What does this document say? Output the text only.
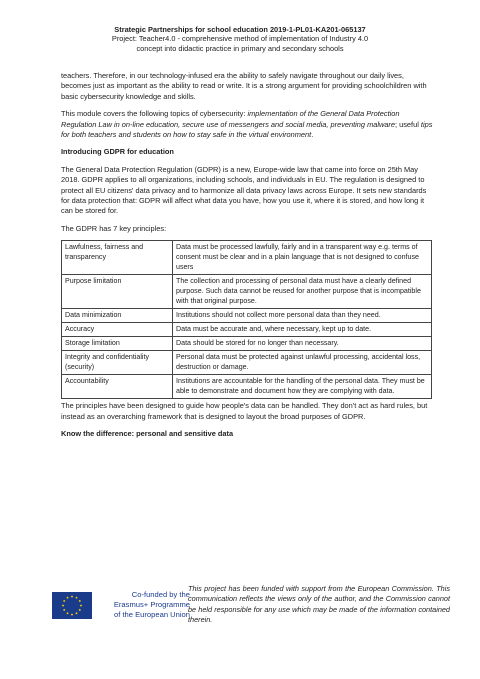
Strategic Partnerships for school education 2019-1-PL01-KA201-065137
Project: Teacher4.0 - comprehensive method of implementation of Industry 4.0
concept into didactic practice in primary and secondary schools

teachers. Therefore, in our technology-infused era the ability to safely navigate throughout our daily lives, becomes just as important as the ability to read or write. It is a strong argument for providing schoolchildren with basic cybersecurity knowledge and skills.

This module covers the following topics of cybersecurity: implementation of the General Data Protection Regulation Law in on-line education, secure use of messengers and social media, preventing malware; useful tips for both teachers and students on how to stay safe in the virtual environment.

Introducing GDPR for education

The General Data Protection Regulation (GDPR) is a new, Europe-wide law that came into force on 25th May 2018. GDPR applies to all organizations, including schools, and individuals in EU. The regulation is designed to protect all EU citizens' data privacy and to harmonize all data privacy laws across Europe. It sets new standards for data protection that: GDPR will affect what data you have, how you use it, where it is stored, and how long it can be stored for.

The GDPR has 7 key principles:
Lawfulness, fairness and transparency	Data must be processed lawfully, fairly and in a transparent way e.g. terms of consent must be clear and in a plain language that is not designed to confuse users
Purpose limitation	The collection and processing of personal data must have a clearly defined purpose. Such data cannot be reused for another purpose that is incompatible with that original purpose.
Data minimization	Institutions should not collect more personal data than they need.
Accuracy	Data must be accurate and, where necessary, kept up to date.
Storage limitation	Data should be stored for no longer than necessary.
Integrity and confidentiality (security)	Personal data must be protected against unlawful processing, accidental loss, destruction or damage.
Accountability	Institutions are accountable for the handling of the personal data. They must be able to demonstrate and document how they are complying with data.

The principles have been designed to guide how people's data can be handled. They don't act as hard rules, but instead as an overarching framework that is designed to layout the broad purposes of GDPR.

Know the difference: personal and sensitive data
Co-funded by the
Erasmus+ Programme
of the European Union
This project has been funded with support from the European Commission. This communication reflects the views only of the author, and the Commission cannot be held responsible for any use which may be made of the information contained therein.
